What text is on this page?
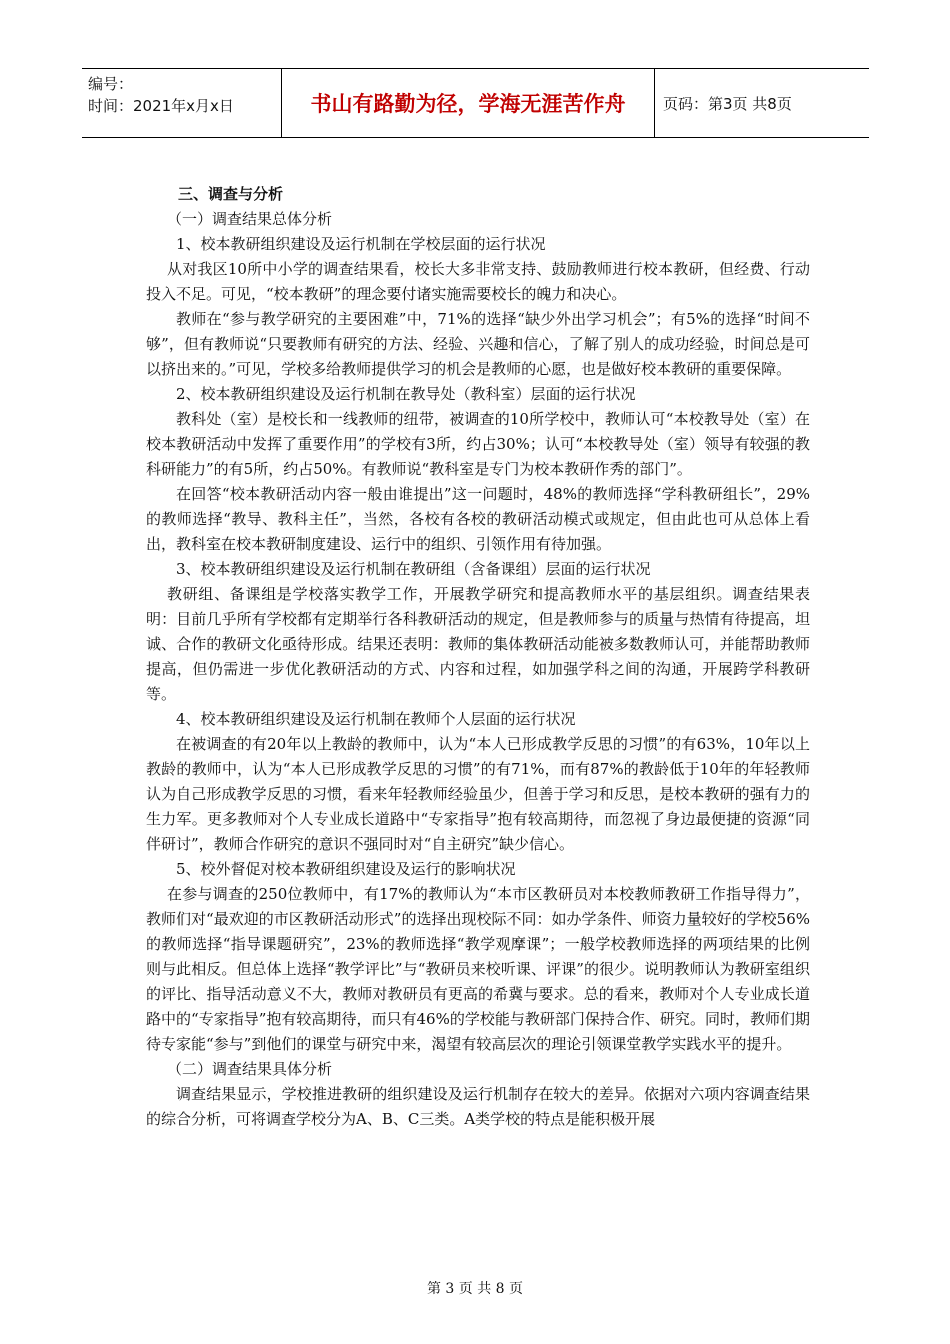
编号：
时间：2021年x月x日	书山有路勤为径，学海无涯苦作舟	页码：第3页 共8页

三、调查与分析

（一）调查结果总体分析

1、校本教研组织建设及运行机制在学校层面的运行状况

从对我区10所中小学的调查结果看，校长大多非常支持、鼓励教师进行校本教研，但经费、行动投入不足。可见，“校本教研”的理念要付诸实施需要校长的魄力和决心。

教师在“参与教学研究的主要困难”中，71%的选择“缺少外出学习机会”；有5%的选择“时间不够”，但有教师说“只要教师有研究的方法、经验、兴趣和信心，了解了别人的成功经验，时间总是可以挤出来的。”可见，学校多给教师提供学习的机会是教师的心愿，也是做好校本教研的重要保障。

2、校本教研组织建设及运行机制在教导处（教科室）层面的运行状况

教科处（室）是校长和一线教师的纽带，被调查的10所学校中，教师认可“本校教导处（室）在校本教研活动中发挥了重要作用”的学校有3所，约占30%；认可“本校教导处（室）领导有较强的教科研能力”的有5所，约占50%。有教师说“教科室是专门为校本教研作秀的部门”。

在回答“校本教研活动内容一般由谁提出”这一问题时，48%的教师选择“学科教研组长”，29%的教师选择“教导、教科主任”，当然，各校有各校的教研活动模式或规定，但由此也可从总体上看出，教科室在校本教研制度建设、运行中的组织、引领作用有待加强。

3、校本教研组织建设及运行机制在教研组（含备课组）层面的运行状况

教研组、备课组是学校落实教学工作，开展教学研究和提高教师水平的基层组织。调查结果表明：目前几乎所有学校都有定期举行各科教研活动的规定，但是教师参与的质量与热情有待提高，坦诚、合作的教研文化亟待形成。结果还表明：教师的集体教研活动能被多数教师认可，并能帮助教师提高，但仍需进一步优化教研活动的方式、内容和过程，如加强学科之间的沟通，开展跨学科教研等。

4、校本教研组织建设及运行机制在教师个人层面的运行状况

在被调查的有20年以上教龄的教师中，认为“本人已形成教学反思的习惯”的有63%，10年以上教龄的教师中，认为“本人已形成教学反思的习惯”的有71%，而有87%的教龄低于10年的年轻教师认为自己形成教学反思的习惯，看来年轻教师经验虽少，但善于学习和反思，是校本教研的强有力的生力军。更多教师对个人专业成长道路中“专家指导”抱有较高期待，而忽视了身边最便捷的资源“同伴研讨”，教师合作研究的意识不强同时对“自主研究”缺少信心。

5、校外督促对校本教研组织建设及运行的影响状况

在参与调查的250位教师中，有17%的教师认为“本市区教研员对本校教师教研工作指导得力”，教师们对“最欢迎的市区教研活动形式”的选择出现校际不同：如办学条件、师资力量较好的学校56%的教师选择“指导课题研究”，23%的教师选择“教学观摩课”；一般学校教师选择的两项结果的比例则与此相反。但总体上选择“教学评比”与“教研员来校听课、评课”的很少。说明教师认为教研室组织的评比、指导活动意义不大，教师对教研员有更高的希冀与要求。总的看来，教师对个人专业成长道路中的“专家指导”抱有较高期待，而只有46%的学校能与教研部门保持合作、研究。同时，教师们期待专家能“参与”到他们的课堂与研究中来，渴望有较高层次的理论引领课堂教学实践水平的提升。

（二）调查结果具体分析

调查结果显示，学校推进教研的组织建设及运行机制存在较大的差异。依据对六项内容调查结果的综合分析，可将调查学校分为A、B、C三类。A类学校的特点是能积极开展

第 3 页 共 8 页
